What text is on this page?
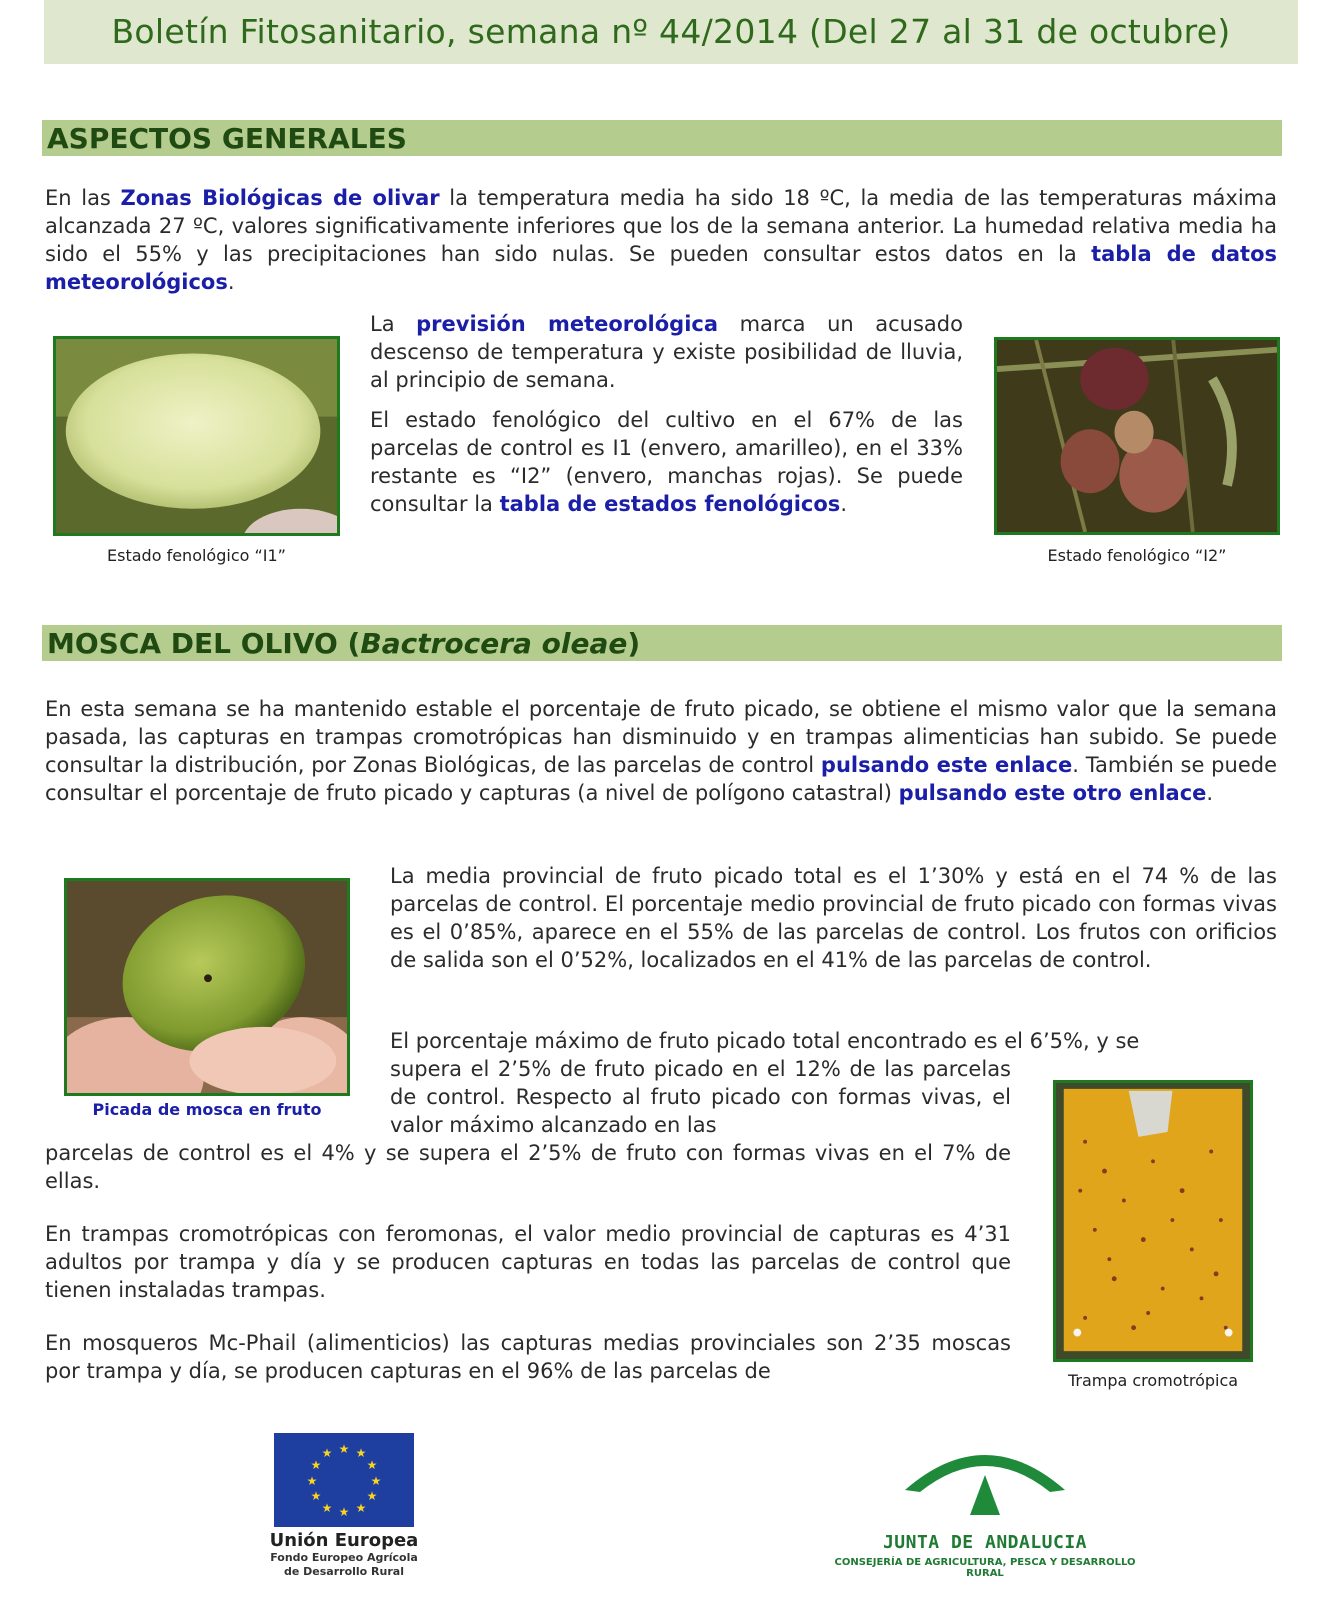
Boletín Fitosanitario, semana nº 44/2014 (Del 27 al 31 de octubre)
ASPECTOS GENERALES

En las Zonas Biológicas de olivar la temperatura media ha sido 18 ºC, la media de las temperaturas máxima alcanzada 27 ºC, valores significativamente inferiores que los de la semana anterior. La humedad relativa media ha sido el 55% y las precipitaciones han sido nulas. Se pueden consultar estos datos en la tabla de datos meteorológicos.

Estado fenológico “I1”

La previsión meteorológica marca un acusado descenso de temperatura y existe posibilidad de lluvia, al principio de semana.

El estado fenológico del cultivo en el 67% de las parcelas de control es I1 (envero, amarilleo), en el 33% restante es “I2” (envero, manchas rojas). Se puede consultar la tabla de estados fenológicos.

Estado fenológico “I2”
MOSCA DEL OLIVO (Bactrocera oleae)

En esta semana se ha mantenido estable el porcentaje de fruto picado, se obtiene el mismo valor que la semana pasada, las capturas en trampas cromotrópicas han disminuido y en trampas alimenticias han subido. Se puede consultar la distribución, por Zonas Biológicas, de las parcelas de control pulsando este enlace. También se puede consultar el porcentaje de fruto picado y capturas (a nivel de polígono catastral) pulsando este otro enlace.

Picada de mosca en fruto

La media provincial de fruto picado total es el 1’30% y está en el 74 % de las parcelas de control. El porcentaje medio provincial de fruto picado con formas vivas es el 0’85%, aparece en el 55% de las parcelas de control. Los frutos con orificios de salida son el 0’52%, localizados en el 41% de las parcelas de control.

El porcentaje máximo de fruto picado total encontrado es el 6’5%, y se

supera el 2’5% de fruto picado en el 12% de las parcelas de control. Respecto al fruto picado con formas vivas, el valor máximo alcanzado en las

parcelas de control es el 4% y se supera el 2’5% de fruto con formas vivas en el 7% de ellas.

En trampas cromotrópicas con feromonas, el valor medio provincial de capturas es 4’31 adultos por trampa y día y se producen capturas en todas las parcelas de control que tienen instaladas trampas.

En mosqueros Mc-Phail (alimenticios) las capturas medias provinciales son 2’35 moscas por trampa y día, se producen capturas en el 96% de las parcelas de	Trampa cromotrópica
★ ★
★
★
★
★
★
★
★
★
★
★
Unión Europea
Fondo Europeo Agrícola
de Desarrollo Rural
JUNTA DE ANDALUCIA
CONSEJERÍA DE AGRICULTURA, PESCA Y DESARROLLO RURAL
